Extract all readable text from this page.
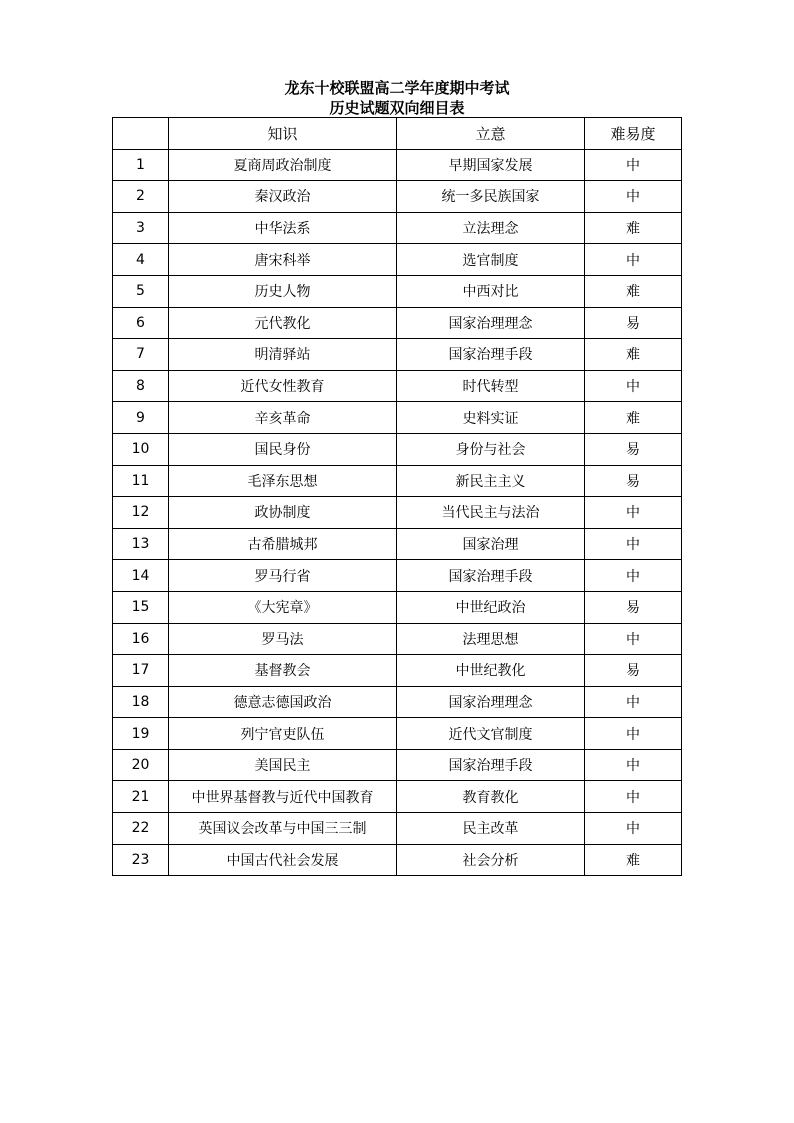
龙东十校联盟高二学年度期中考试
历史试题双向细目表
	知识	立意	难易度
1	夏商周政治制度	早期国家发展	中
2	秦汉政治	统一多民族国家	中
3	中华法系	立法理念	难
4	唐宋科举	选官制度	中
5	历史人物	中西对比	难
6	元代教化	国家治理理念	易
7	明清驿站	国家治理手段	难
8	近代女性教育	时代转型	中
9	辛亥革命	史料实证	难
10	国民身份	身份与社会	易
11	毛泽东思想	新民主主义	易
12	政协制度	当代民主与法治	中
13	古希腊城邦	国家治理	中
14	罗马行省	国家治理手段	中
15	《大宪章》	中世纪政治	易
16	罗马法	法理思想	中
17	基督教会	中世纪教化	易
18	德意志德国政治	国家治理理念	中
19	列宁官吏队伍	近代文官制度	中
20	美国民主	国家治理手段	中
21	中世界基督教与近代中国教育	教育教化	中
22	英国议会改革与中国三三制	民主改革	中
23	中国古代社会发展	社会分析	难
